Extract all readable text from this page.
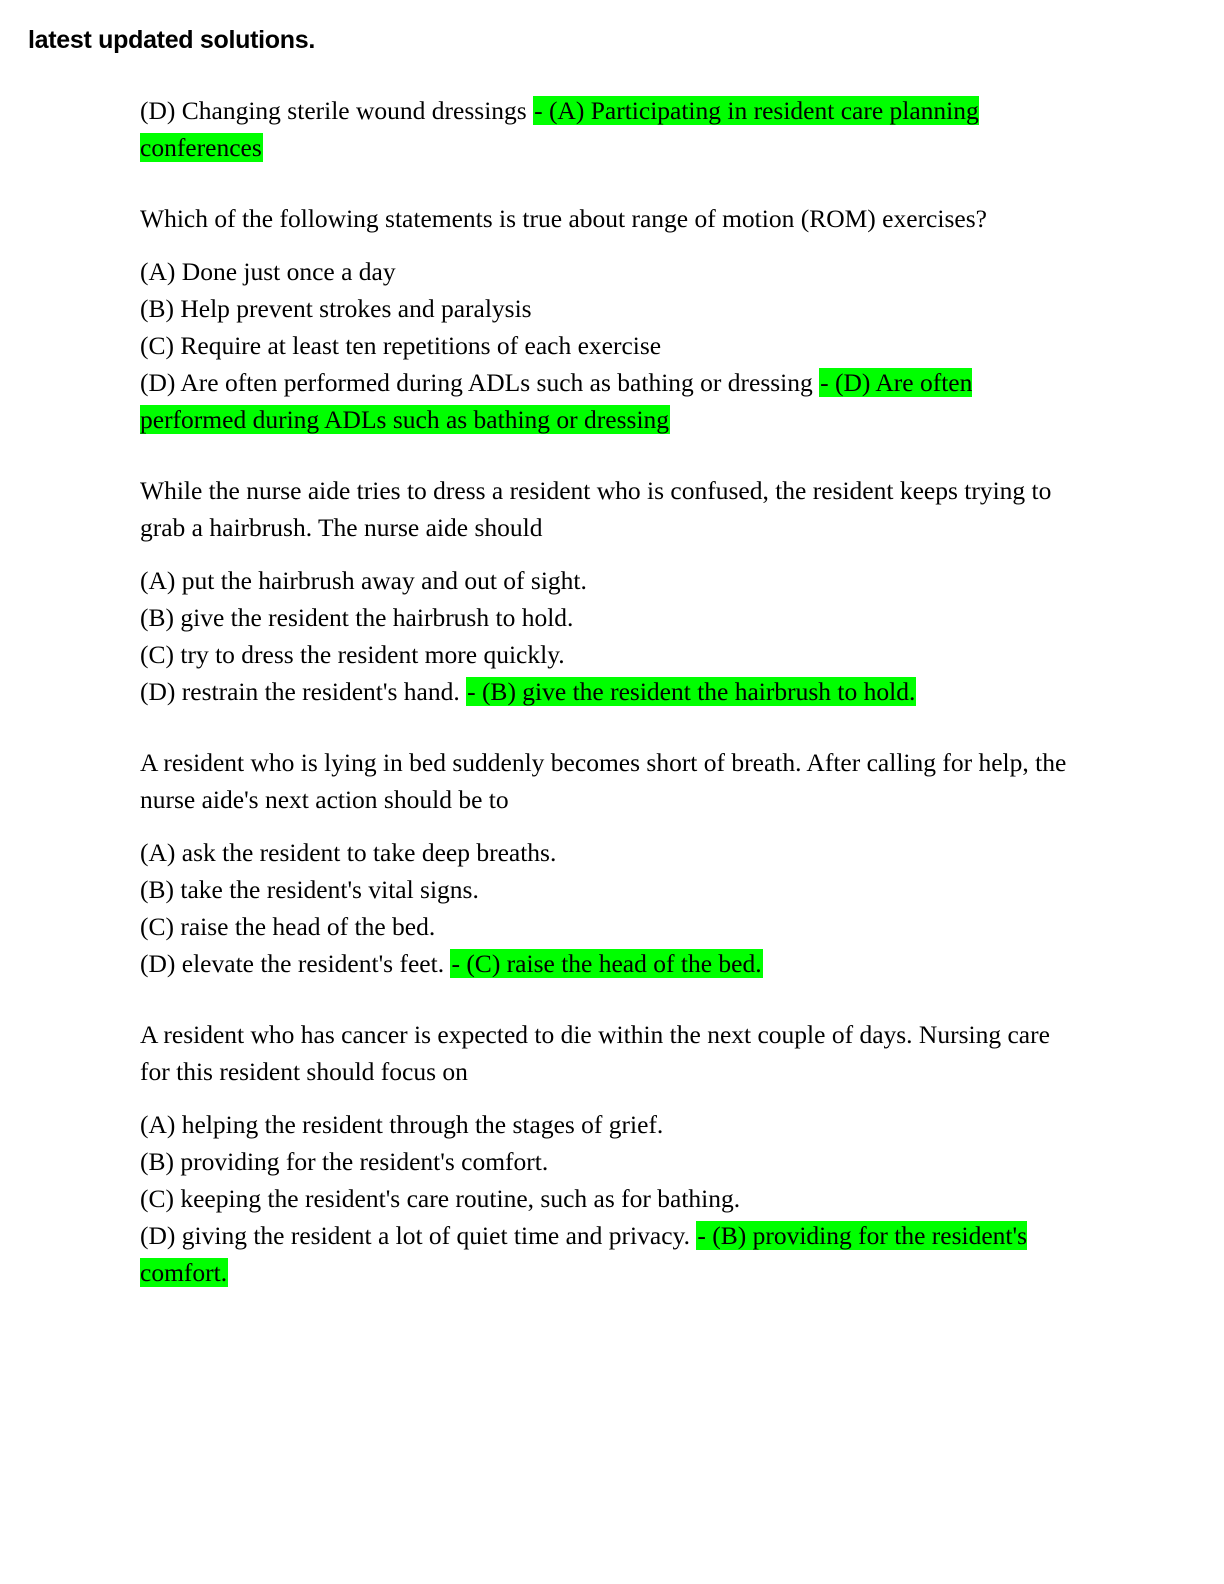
latest updated solutions.
(D) Changing sterile wound dressings - (A) Participating in resident care planning conferences
Which of the following statements is true about range of motion (ROM) exercises?
(A) Done just once a day
(B) Help prevent strokes and paralysis
(C) Require at least ten repetitions of each exercise
(D) Are often performed during ADLs such as bathing or dressing - (D) Are often performed during ADLs such as bathing or dressing
While the nurse aide tries to dress a resident who is confused, the resident keeps trying to grab a hairbrush. The nurse aide should
(A) put the hairbrush away and out of sight.
(B) give the resident the hairbrush to hold.
(C) try to dress the resident more quickly.
(D) restrain the resident's hand. - (B) give the resident the hairbrush to hold.
A resident who is lying in bed suddenly becomes short of breath. After calling for help, the nurse aide's next action should be to
(A) ask the resident to take deep breaths.
(B) take the resident's vital signs.
(C) raise the head of the bed.
(D) elevate the resident's feet. - (C) raise the head of the bed.
A resident who has cancer is expected to die within the next couple of days. Nursing care for this resident should focus on
(A) helping the resident through the stages of grief.
(B) providing for the resident's comfort.
(C) keeping the resident's care routine, such as for bathing.
(D) giving the resident a lot of quiet time and privacy. - (B) providing for the resident's comfort.
